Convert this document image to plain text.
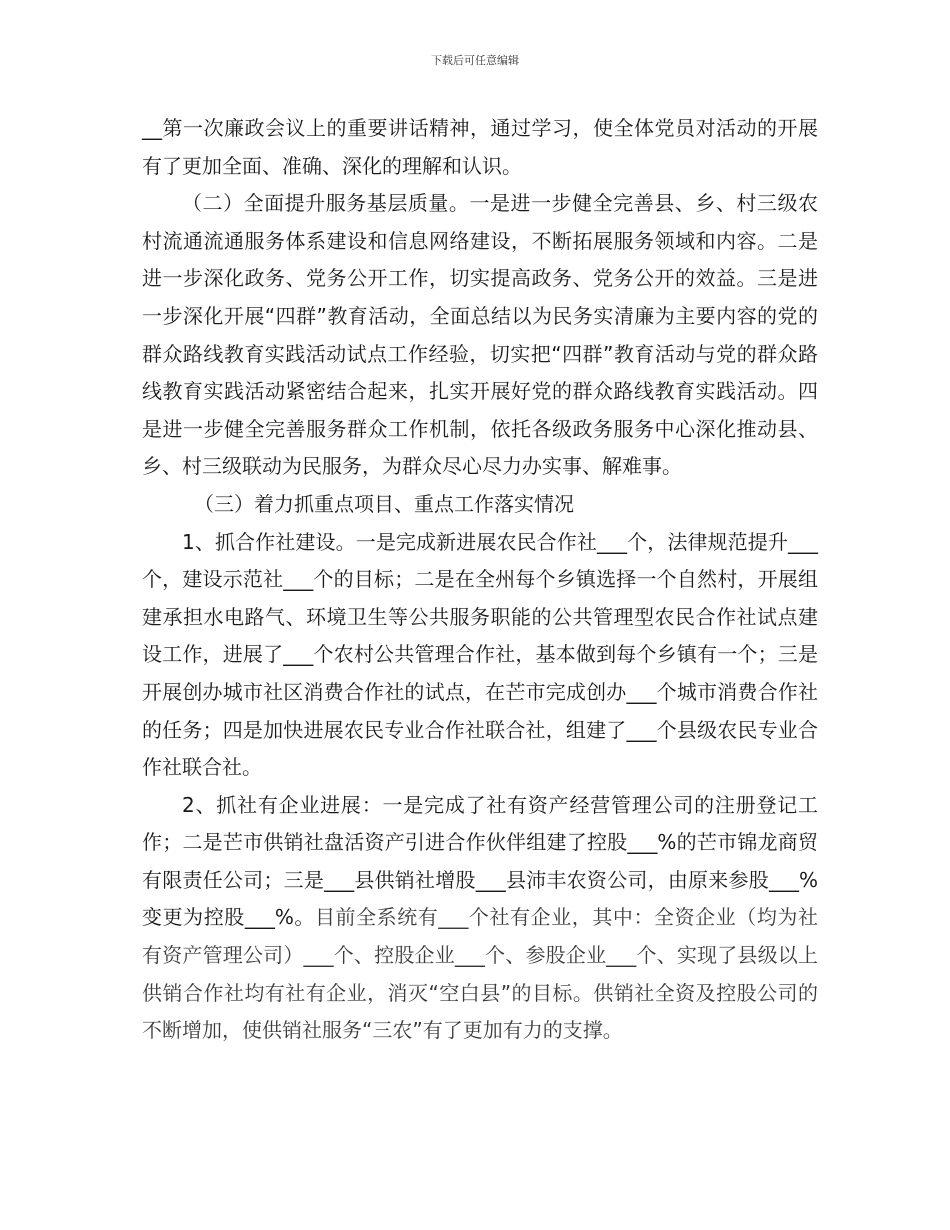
下载后可任意编辑

__第一次廉政会议上的重要讲话精神，通过学习，使全体党员对活动的开展有了更加全面、准确、深化的理解和认识。

（二）全面提升服务基层质量。一是进一步健全完善县、乡、村三级农村流通流通服务体系建设和信息网络建设，不断拓展服务领域和内容。二是进一步深化政务、党务公开工作，切实提高政务、党务公开的效益。三是进一步深化开展“四群”教育活动，全面总结以为民务实清廉为主要内容的党的群众路线教育实践活动试点工作经验，切实把“四群”教育活动与党的群众路线教育实践活动紧密结合起来，扎实开展好党的群众路线教育实践活动。四是进一步健全完善服务群众工作机制，依托各级政务服务中心深化推动县、乡、村三级联动为民服务，为群众尽心尽力办实事、解难事。

（三）着力抓重点项目、重点工作落实情况

1、抓合作社建设。一是完成新进展农民合作社___个，法律规范提升___个，建设示范社___个的目标；二是在全州每个乡镇选择一个自然村，开展组建承担水电路气、环境卫生等公共服务职能的公共管理型农民合作社试点建设工作，进展了___个农村公共管理合作社，基本做到每个乡镇有一个；三是开展创办城市社区消费合作社的试点，在芒市完成创办___个城市消费合作社的任务；四是加快进展农民专业合作社联合社，组建了___个县级农民专业合作社联合社。

2、抓社有企业进展：一是完成了社有资产经营管理公司的注册登记工作；二是芒市供销社盘活资产引进合作伙伴组建了控股___%的芒市锦龙商贸有限责任公司；三是___县供销社增股___县沛丰农资公司，由原来参股___%变更为控股___%。目前全系统有___个社有企业，其中：全资企业（均为社有资产管理公司）___个、控股企业___个、参股企业___个、实现了县级以上供销合作社均有社有企业，消灭“空白县”的目标。供销社全资及控股公司的不断增加，使供销社服务“三农”有了更加有力的支撑。
